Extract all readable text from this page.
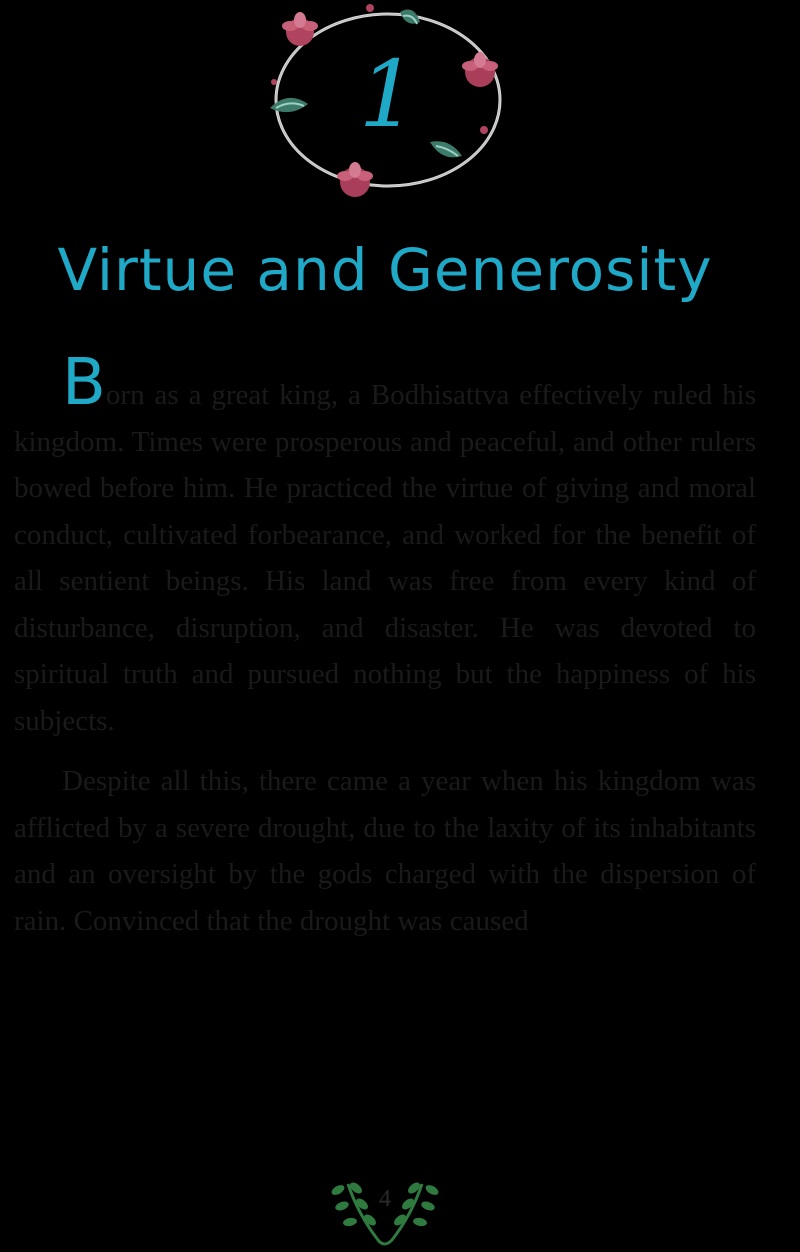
1
Virtue and Generosity

Born as a great king, a Bodhisattva effectively ruled his kingdom. Times were prosperous and peaceful, and other rulers bowed before him. He practiced the virtue of giving and moral conduct, cultivated forbearance, and worked for the benefit of all sentient beings. His land was free from every kind of disturbance, disruption, and disaster. He was devoted to spiritual truth and pursued nothing but the happiness of his subjects.

Despite all this, there came a year when his kingdom was afflicted by a severe drought, due to the laxity of its inhabitants and an oversight by the gods charged with the dispersion of rain. Convinced that the drought was caused

4
